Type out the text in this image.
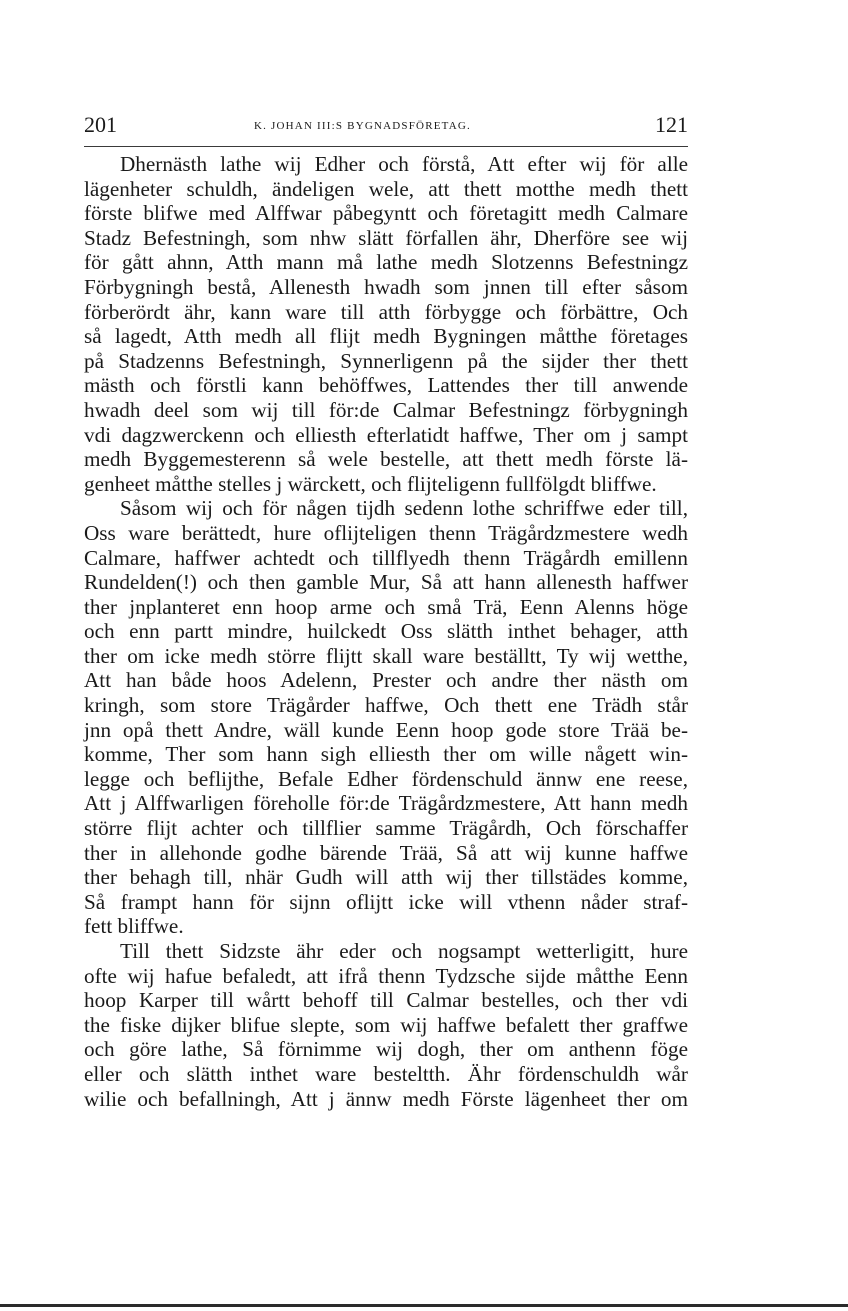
201	K. JOHAN III:S BYGNADSFÖRETAG.	121
Dhernästh lathe wij Edher och förstå, Att efter wij för alle
lägenheter schuldh, ändeligen wele, att thett motthe medh thett
förste blifwe med Alffwar påbegyntt och företagitt medh Calmare
Stadz Befestningh, som nhw slätt förfallen ähr, Dherföre see wij
för gått ahnn, Atth mann må lathe medh Slotzenns Befestningz
Förbygningh bestå, Allenesth hwadh som jnnen till efter såsom
förberördt ähr, kann ware till atth förbygge och förbättre, Och
så lagedt, Atth medh all flijt medh Bygningen måtthe företages
på Stadzenns Befestningh, Synnerligenn på the sijder ther thett
mästh och förstli kann behöffwes, Lattendes ther till anwende
hwadh deel som wij till för:de Calmar Befestningz förbygningh
vdi dagzwerckenn och elliesth efterlatidt haffwe, Ther om j sampt
medh Byggemesterenn så wele bestelle, att thett medh förste lä-
genheet måtthe stelles j wärckett, och flijteligenn fullfölgdt bliffwe.
Såsom wij och för någen tijdh sedenn lothe schriffwe eder till,
Oss ware berättedt, hure oflijteligen thenn Trägårdzmestere wedh
Calmare, haffwer achtedt och tillflyedh thenn Trägårdh emillenn
Rundelden(!) och then gamble Mur, Så att hann allenesth haffwer
ther jnplanteret enn hoop arme och små Trä, Eenn Alenns höge
och enn partt mindre, huilckedt Oss slätth inthet behager, atth
ther om icke medh större flijtt skall ware beställtt, Ty wij wetthe,
Att han både hoos Adelenn, Prester och andre ther nästh om
kringh, som store Trägårder haffwe, Och thett ene Trädh står
jnn opå thett Andre, wäll kunde Eenn hoop gode store Trää be-
komme, Ther som hann sigh elliesth ther om wille någett win-
legge och beflijthe, Befale Edher fördenschuld ännw ene reese,
Att j Alffwarligen föreholle för:de Trägårdzmestere, Att hann medh
större flijt achter och tillflier samme Trägårdh, Och förschaffer
ther in allehonde godhe bärende Trää, Så att wij kunne haffwe
ther behagh till, nhär Gudh will atth wij ther tillstädes komme,
Så frampt hann för sijnn oflijtt icke will vthenn nåder straf-
fett bliffwe.
Till thett Sidzste ähr eder och nogsampt wetterligitt, hure
ofte wij hafue befaledt, att ifrå thenn Tydzsche sijde måtthe Eenn
hoop Karper till wårtt behoff till Calmar bestelles, och ther vdi
the fiske dijker blifue slepte, som wij haffwe befalett ther graffwe
och göre lathe, Så förnimme wij dogh, ther om anthenn föge
eller och slätth inthet ware besteltth. Ähr fördenschuldh wår
wilie och befallningh, Att j ännw medh Förste lägenheet ther om
